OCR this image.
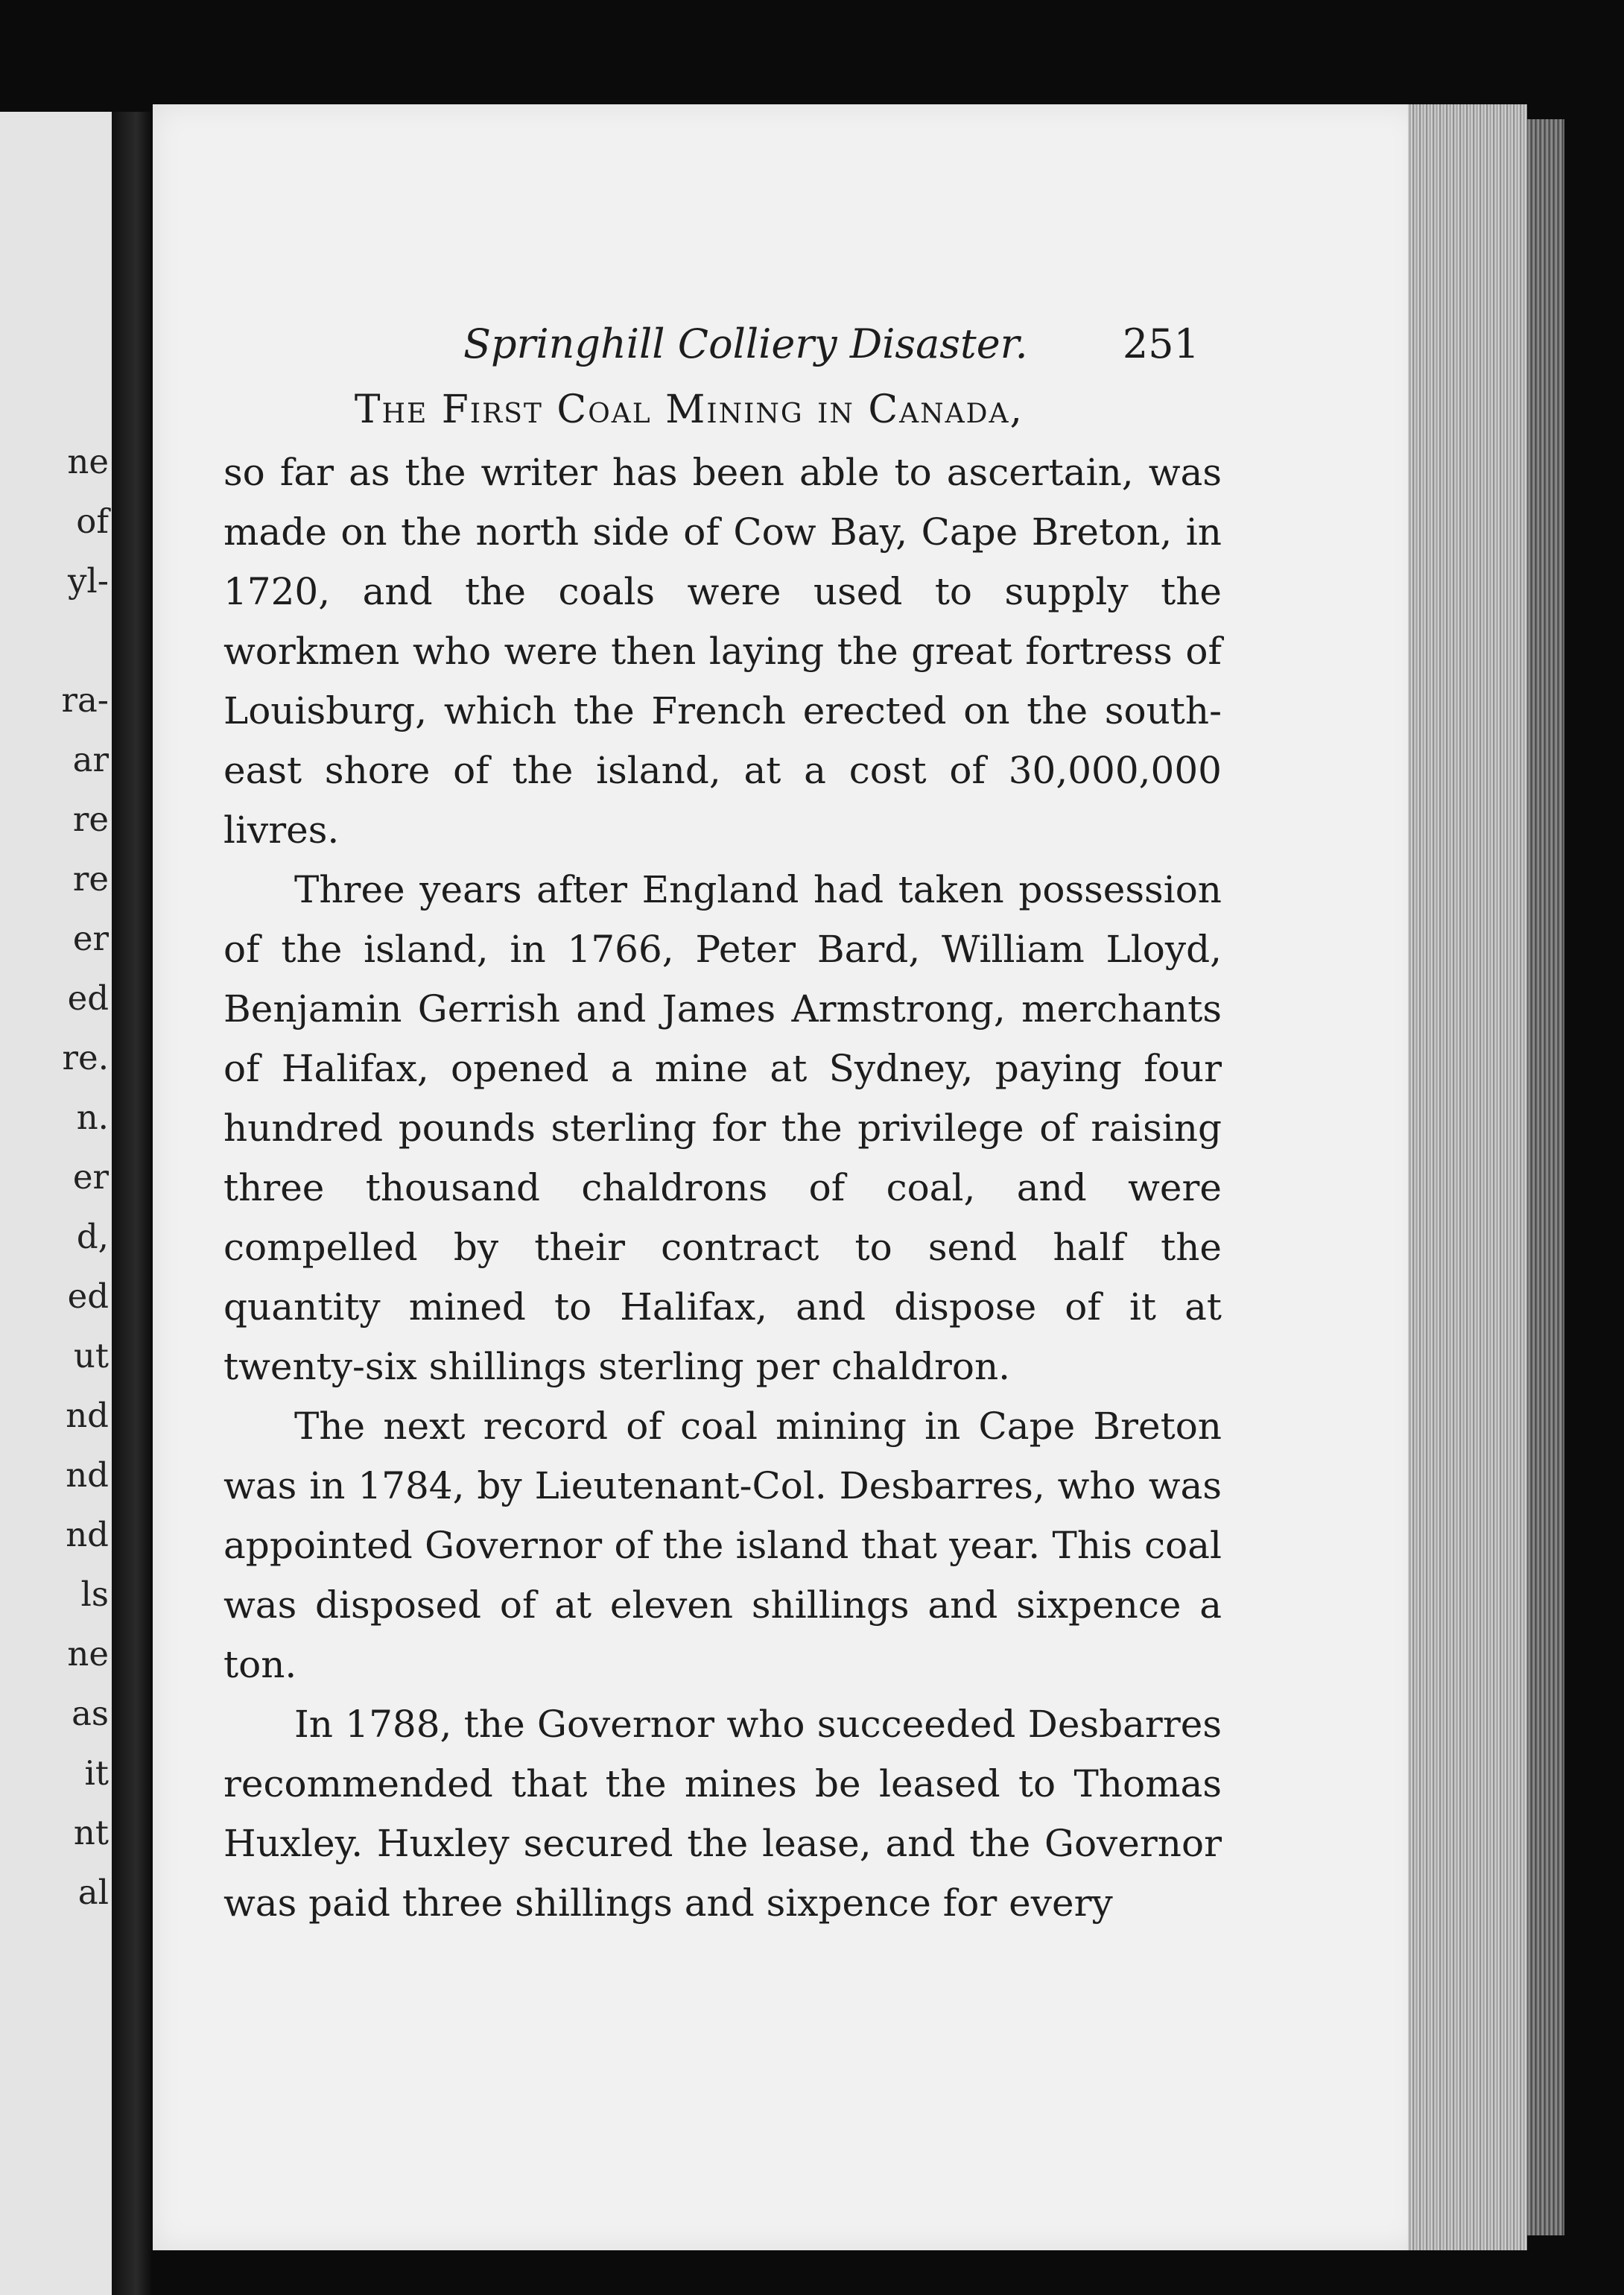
ne
of
yl-

ra-
ar
re
re
er
ed
re.
n.
er
d,
ed
ut
nd
nd
nd
ls
ne
as
it
nt
al
Springhill Colliery Disaster. 251
The First Coal Mining in Canada,

so far as the writer has been able to ascertain, was made on the north side of Cow Bay, Cape Breton, in 1720, and the coals were used to supply the workmen who were then laying the great fortress of Louisburg, which the French erected on the south-east shore of the island, at a cost of 30,000,000 livres.

Three years after England had taken possession of the island, in 1766, Peter Bard, William Lloyd, Benjamin Gerrish and James Armstrong, merchants of Halifax, opened a mine at Sydney, paying four hundred pounds sterling for the privilege of raising three thousand chaldrons of coal, and were compelled by their contract to send half the quantity mined to Halifax, and dispose of it at twenty-six shillings sterling per chaldron.

The next record of coal mining in Cape Breton was in 1784, by Lieutenant-Col. Desbarres, who was appointed Governor of the island that year. This coal was disposed of at eleven shillings and sixpence a ton.

In 1788, the Governor who succeeded Desbarres recommended that the mines be leased to Thomas Huxley. Huxley secured the lease, and the Governor was paid three shillings and sixpence for every
